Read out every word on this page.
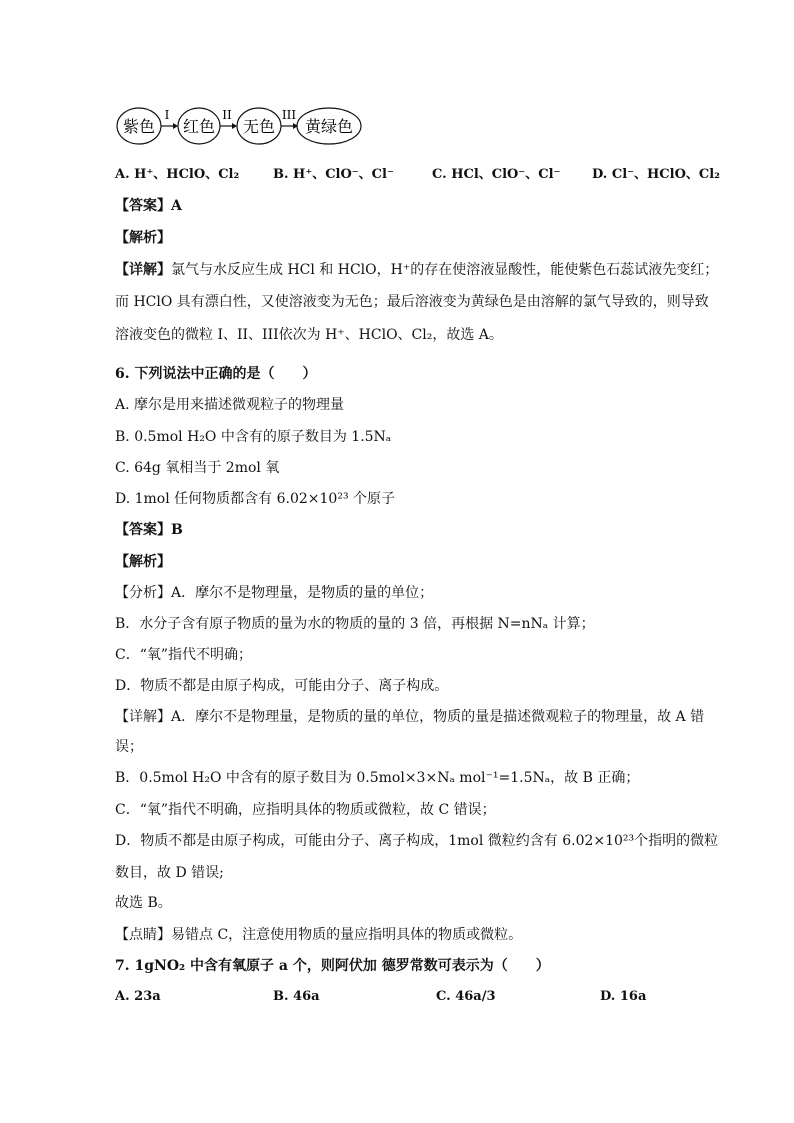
紫色
I
红色
II
无色
III
黄绿色
A. H⁺、HClO、Cl₂	B. H⁺、ClO⁻、Cl⁻	C. HCl、ClO⁻、Cl⁻ D. Cl⁻、HClO、Cl₂
【答案】A
【解析】
【详解】氯气与水反应生成 HCl 和 HClO，H⁺的存在使溶液显酸性，能使紫色石蕊试液先变红；
而 HClO 具有漂白性，又使溶液变为无色；最后溶液变为黄绿色是由溶解的氯气导致的，则导致
溶液变色的微粒 I、II、III依次为 H⁺、HClO、Cl₂，故选 A。
6. 下列说法中正确的是（　　）
A. 摩尔是用来描述微观粒子的物理量
B. 0.5mol H₂O 中含有的原子数目为 1.5Nₐ
C. 64g 氧相当于 2mol 氧
D. 1mol 任何物质都含有 6.02×10²³ 个原子
【答案】B
【解析】
【分析】A．摩尔不是物理量，是物质的量的单位；
B．水分子含有原子物质的量为水的物质的量的 3 倍，再根据 N=nNₐ 计算；
C．“氧”指代不明确；
D．物质不都是由原子构成，可能由分子、离子构成。
【详解】A．摩尔不是物理量，是物质的量的单位，物质的量是描述微观粒子的物理量，故 A 错
误；
B．0.5mol H₂O 中含有的原子数目为 0.5mol×3×Nₐ mol⁻¹=1.5Nₐ，故 B 正确；
C．“氧”指代不明确，应指明具体的物质或微粒，故 C 错误；
D．物质不都是由原子构成，可能由分子、离子构成，1mol 微粒约含有 6.02×10²³个指明的微粒
数目，故 D 错误;
故选 B。
【点睛】易错点 C，注意使用物质的量应指明具体的物质或微粒。
7. 1gNO₂ 中含有氧原子 a 个，则阿伏加 德罗常数可表示为（　　）
A. 23a	B. 46a	C. 46a/3	D. 16a
